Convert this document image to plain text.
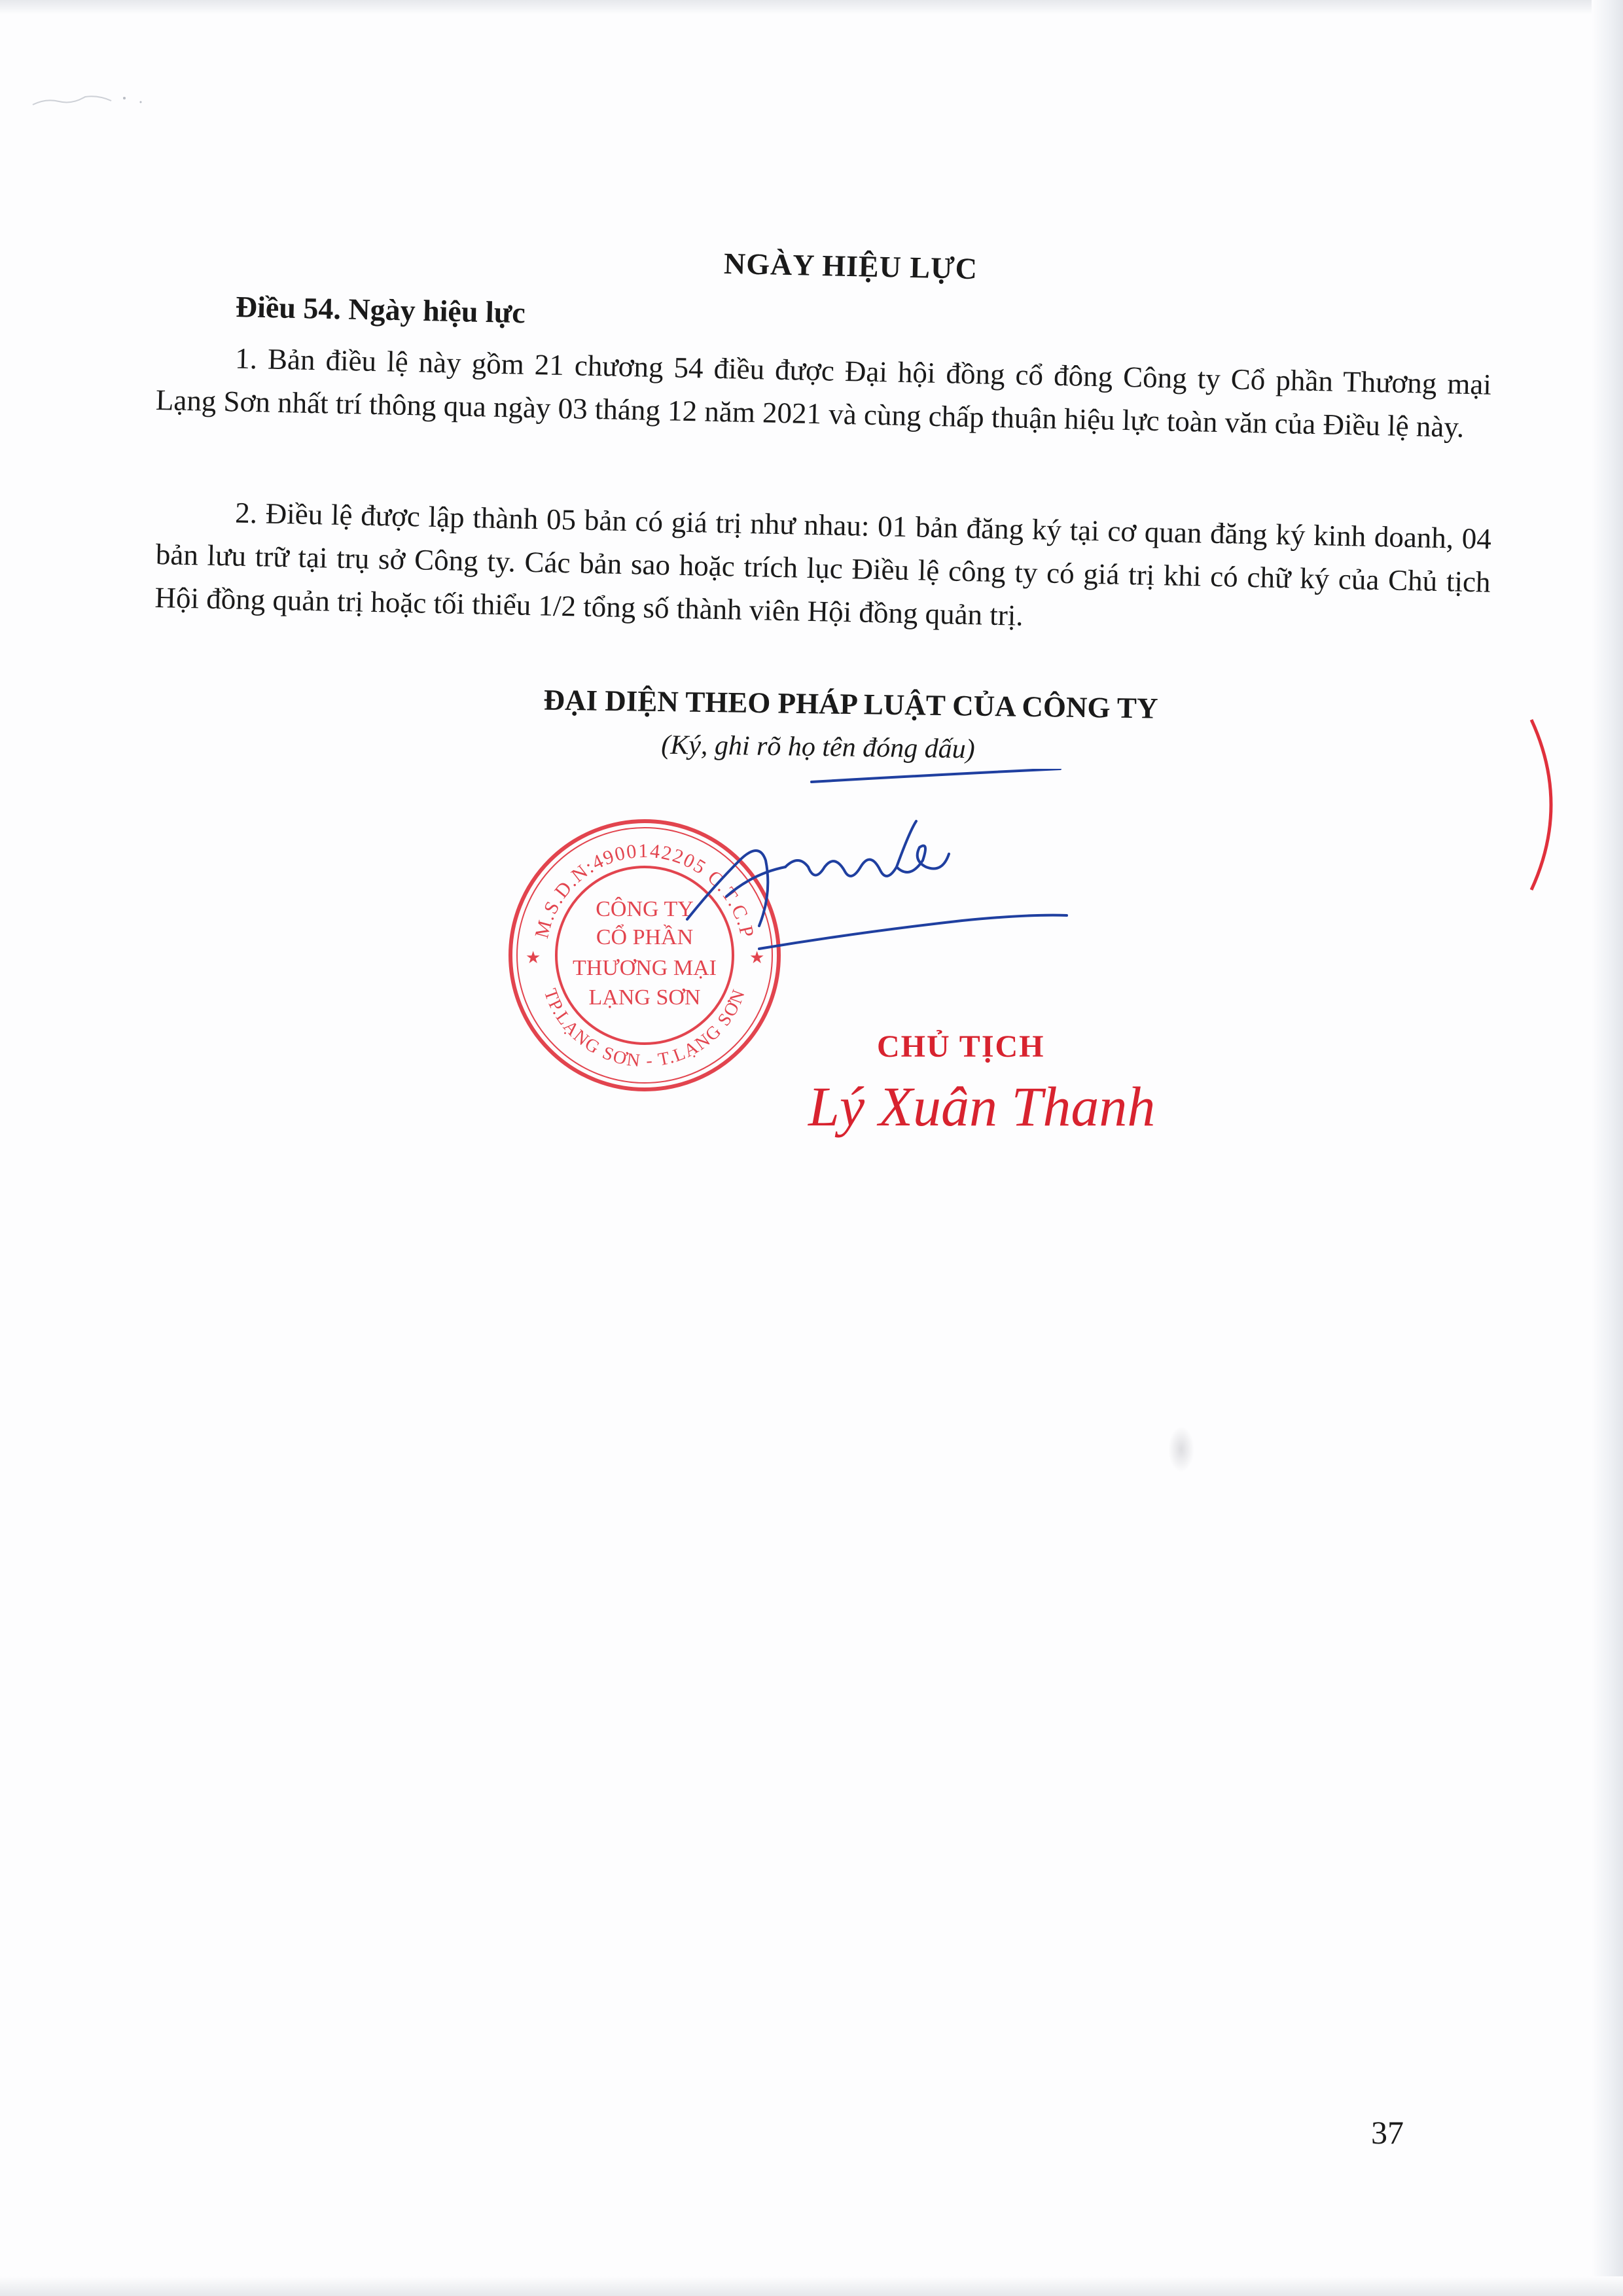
NGÀY HIỆU LỰC
Điều 54. Ngày hiệu lực
1. Bản điều lệ này gồm 21 chương 54 điều được Đại hội đồng cổ đông Công ty Cổ phần Thương mại Lạng Sơn nhất trí thông qua ngày 03 tháng 12 năm 2021 và cùng chấp thuận hiệu lực toàn văn của Điều lệ này.
2. Điều lệ được lập thành 05 bản có giá trị như nhau: 01 bản đăng ký tại cơ quan đăng ký kinh doanh, 04 bản lưu trữ tại trụ sở Công ty. Các bản sao hoặc trích lục Điều lệ công ty có giá trị khi có chữ ký của Chủ tịch Hội đồng quản trị hoặc tối thiểu 1/2 tổng số thành viên Hội đồng quản trị.
ĐẠI DIỆN THEO PHÁP LUẬT CỦA CÔNG TY
(Ký, ghi rõ họ tên đóng dấu)
M.S.D.N:4900142205 C.T.C.P
TP.LẠNG SƠN - T.LẠNG SƠN
★	★
CÔNG TY
CỔ PHẦN
THƯƠNG MẠI
LẠNG SƠN
CHỦ TỊCH
Lý Xuân Thanh
37
